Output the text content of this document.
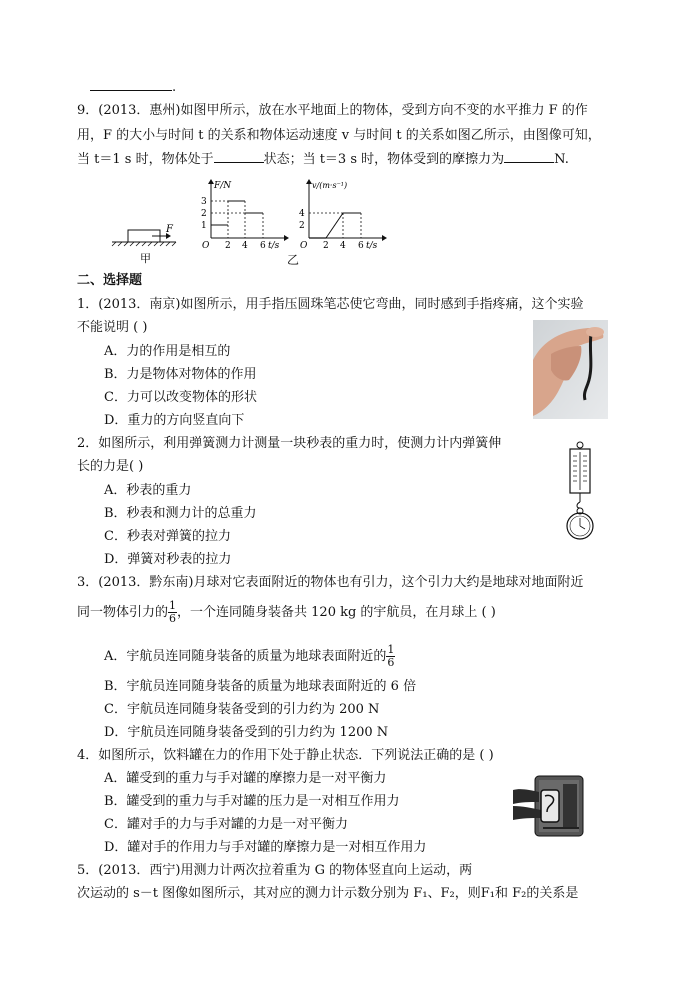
.
9．(2013．惠州)如图甲所示，放在水平地面上的物体，受到方向不变的水平推力 F 的作
用，F 的大小与时间 t 的关系和物体运动速度 v 与时间 t 的关系如图乙所示，由图像可知，
当 t＝1 s 时，物体处于	状态；当 t＝3 s 时，物体受到的摩擦力为	N.
F
甲
F/N
3
2
1
O 2 4 6 t/s
v/(m·s⁻¹)
4
2
O 2 4 6 t/s
乙
二、选择题
1．(2013．南京)如图所示，用手指压圆珠笔芯使它弯曲，同时感到手指疼痛，这个实验
不能说明 ( )
A．力的作用是相互的
B．力是物体对物体的作用
C．力可以改变物体的形状
D．重力的方向竖直向下
2．如图所示，利用弹簧测力计测量一块秒表的重力时，使测力计内弹簧伸
长的力是( )
A．秒表的重力
B．秒表和测力计的总重力
C．秒表对弹簧的拉力
D．弹簧对秒表的拉力
3．(2013．黔东南)月球对它表面附近的物体也有引力，这个引力大约是地球对地面附近
同一物体引力的 $\frac{1}{6}$ ，一个连同随身装备共 120 kg 的宇航员，在月球上 ( )
A．宇航员连同随身装备的质量为地球表面附近的 $\frac{1}{6}$
B．宇航员连同随身装备的质量为地球表面附近的 6 倍
C．宇航员连同随身装备受到的引力约为 200 N
D．宇航员连同随身装备受到的引力约为 1200 N
4．如图所示，饮料罐在力的作用下处于静止状态．下列说法正确的是 ( )
A．罐受到的重力与手对罐的摩擦力是一对平衡力
B．罐受到的重力与手对罐的压力是一对相互作用力
C．罐对手的力与手对罐的力是一对平衡力
D．罐对手的作用力与手对罐的摩擦力是一对相互作用力
5．(2013．西宁)用测力计两次拉着重为 G 的物体竖直向上运动，两
次运动的 s－t 图像如图所示，其对应的测力计示数分别为 F₁、F₂，则F₁和 F₂的关系是
